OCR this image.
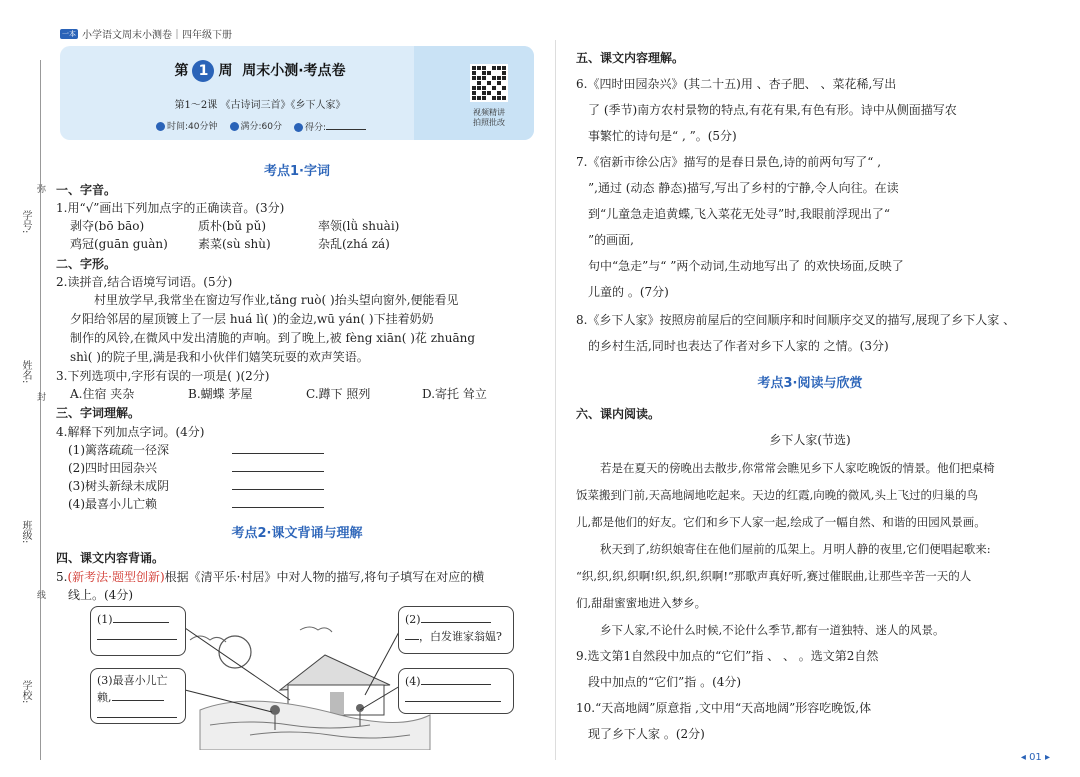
一本 小学语文周末小测卷｜四年级下册
学号:
姓名:
班级:
学校:
弥
封
线
第 1 周 周末小测·考点卷
第1～2课 《古诗词三首》《乡下人家》
时间:40分钟	满分:60分	得分:
视频精讲
拍照批改
考点1·字词
一、字音。
1.用“√”画出下列加点字的正确读音。(3分)
剥夺(bō bāo)	质朴(bǔ pǔ)	率领(lǜ shuài)
鸡冠(guān guàn)	素菜(sù shù)	杂乱(zhá zá)
二、字形。
2.读拼音,结合语境写词语。(5分)
村里放学早,我常坐在窗边写作业,tǎng ruò( )抬头望向窗外,便能看见
夕阳给邻居的屋顶镀上了一层 huá lì( )的金边,wū yán( )下挂着奶奶
制作的风铃,在微风中发出清脆的声响。到了晚上,被 fèng xiān( )花 zhuāng
shì( )的院子里,满是我和小伙伴们嬉笑玩耍的欢声笑语。
3.下列选项中,字形有误的一项是( )(2分)
A.住宿 夹杂	B.蝴蝶 茅屋	C.蹲下 照列	D.寄托 耸立
三、字词理解。
4.解释下列加点字词。(4分)
(1)篱落疏疏一径深
(2)四时田园杂兴
(3)树头新绿未成阴
(4)最喜小儿亡赖
考点2·课文背诵与理解
四、课文内容背诵。
5.(新考法·题型创新)根据《清平乐·村居》中对人物的描写,将句子填写在对应的横
线上。(4分)
(1)	(2)
，白发谁家翁媪?
(3)最喜小儿亡
赖,

(4)

五、课文内容理解。
6.《四时田园杂兴》(其二十五)用 、杏子肥、 、菜花稀,写出
了 (季节)南方农村景物的特点,有花有果,有色有形。诗中从侧面描写农
事繁忙的诗句是“ , ”。(5分)
7.《宿新市徐公店》描写的是春日景色,诗的前两句写了“ ,
”,通过 (动态 静态)描写,写出了乡村的宁静,令人向往。在读
到“儿童急走追黄蝶,飞入菜花无处寻”时,我眼前浮现出了“
”的画面,
句中“急走”与“ ”两个动词,生动地写出了 的欢快场面,反映了
儿童的 。(7分)
8.《乡下人家》按照房前屋后的空间顺序和时间顺序交叉的描写,展现了乡下人家 、
的乡村生活,同时也表达了作者对乡下人家的 之情。(3分)
考点3·阅读与欣赏
六、课内阅读。
乡下人家(节选)
若是在夏天的傍晚出去散步,你常常会瞧见乡下人家吃晚饭的情景。他们把桌椅
饭菜搬到门前,天高地阔地吃起来。天边的红霞,向晚的微风,头上飞过的归巢的鸟
儿,都是他们的好友。它们和乡下人家一起,绘成了一幅自然、和谐的田园风景画。
秋天到了,纺织娘寄住在他们屋前的瓜架上。月明人静的夜里,它们便唱起歌来:
“织,织,织,织啊!织,织,织,织啊!”那歌声真好听,赛过催眠曲,让那些辛苦一天的人
们,甜甜蜜蜜地进入梦乡。
乡下人家,不论什么时候,不论什么季节,都有一道独特、迷人的风景。
9.选文第1自然段中加点的“它们”指 、 、 。选文第2自然
段中加点的“它们”指 。(4分)
10.“天高地阔”原意指 ,文中用“天高地阔”形容吃晚饭,体
现了乡下人家 。(2分)
◂ 01 ▸
